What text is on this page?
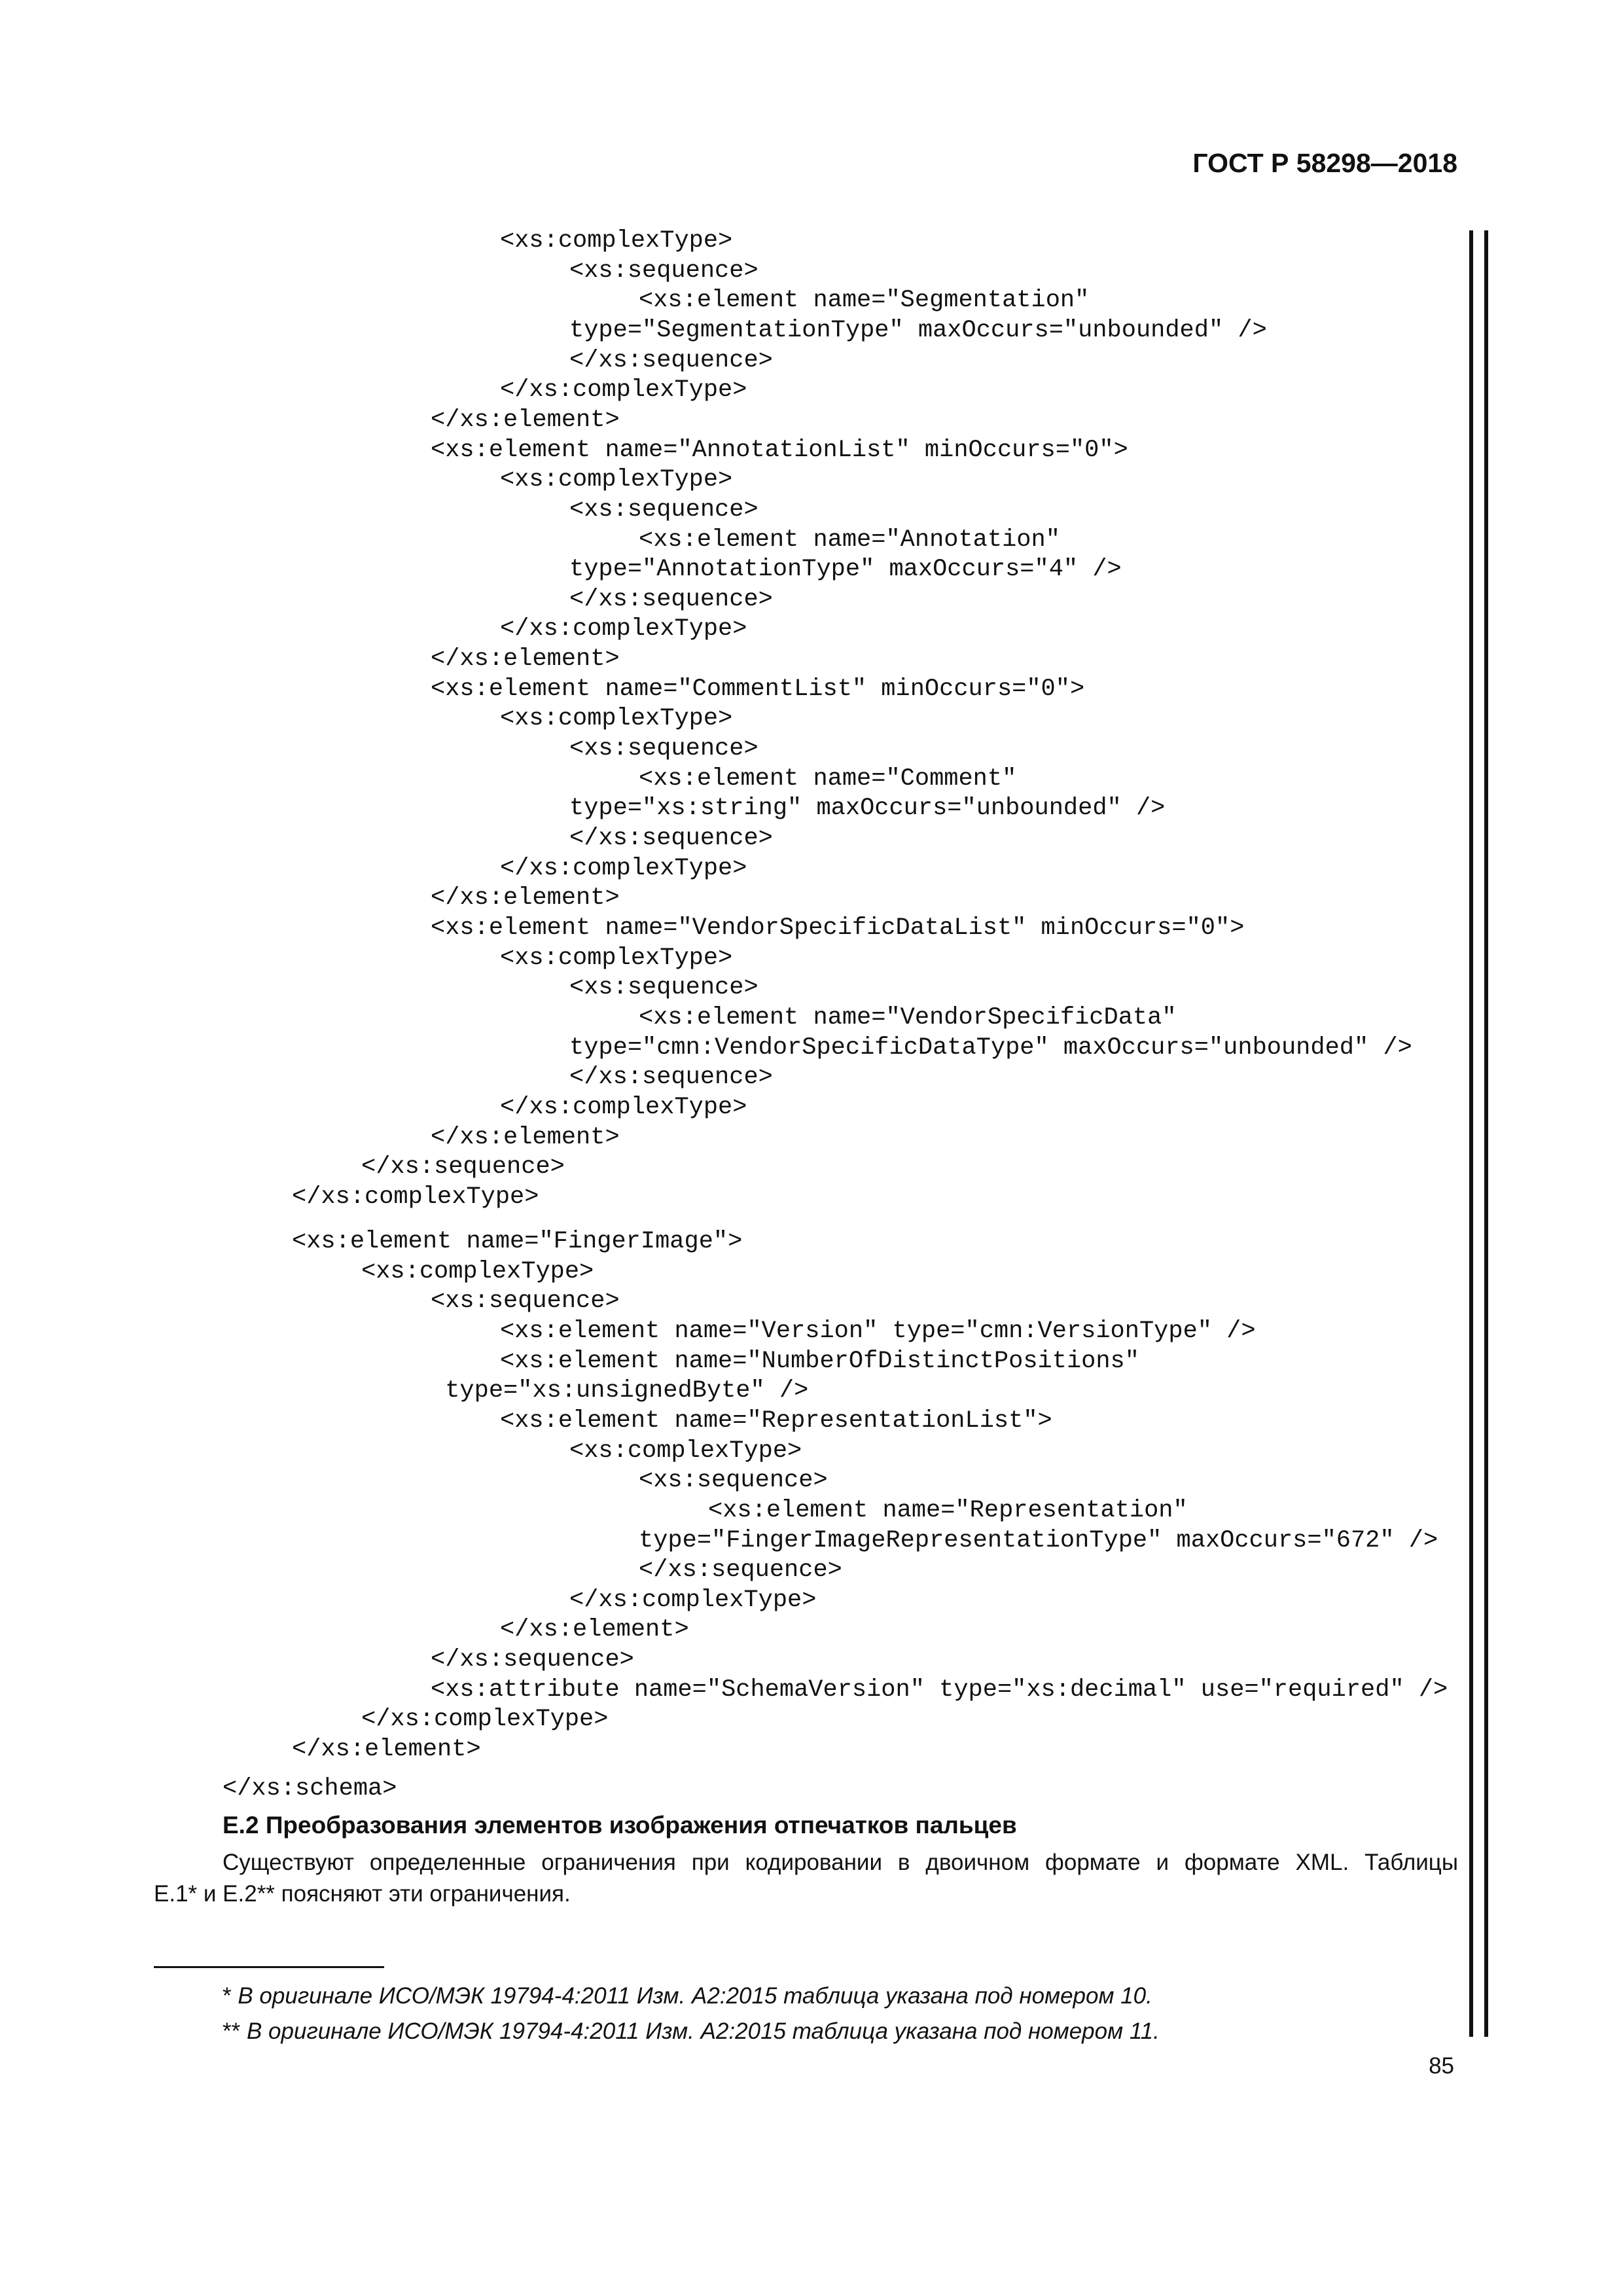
ГОСТ Р 58298—2018
<xs:complexType>
<xs:sequence>
<xs:element name="Segmentation"
type="SegmentationType" maxOccurs="unbounded" />
</xs:sequence>
</xs:complexType>
</xs:element>
<xs:element name="AnnotationList" minOccurs="0">
<xs:complexType>
<xs:sequence>
<xs:element name="Annotation"
type="AnnotationType" maxOccurs="4" />
</xs:sequence>
</xs:complexType>
</xs:element>
<xs:element name="CommentList" minOccurs="0">
<xs:complexType>
<xs:sequence>
<xs:element name="Comment"
type="xs:string" maxOccurs="unbounded" />
</xs:sequence>
</xs:complexType>
</xs:element>
<xs:element name="VendorSpecificDataList" minOccurs="0">
<xs:complexType>
<xs:sequence>
<xs:element name="VendorSpecificData"
type="cmn:VendorSpecificDataType" maxOccurs="unbounded" />
</xs:sequence>
</xs:complexType>
</xs:element>
</xs:sequence>
</xs:complexType>
<xs:element name="FingerImage">
<xs:complexType>
<xs:sequence>
<xs:element name="Version" type="cmn:VersionType" />
<xs:element name="NumberOfDistinctPositions"
type="xs:unsignedByte" />
<xs:element name="RepresentationList">
<xs:complexType>
<xs:sequence>
<xs:element name="Representation"
type="FingerImageRepresentationType" maxOccurs="672" />
</xs:sequence>
</xs:complexType>
</xs:element>
</xs:sequence>
<xs:attribute name="SchemaVersion" type="xs:decimal" use="required" />
</xs:complexType>
</xs:element>
</xs:schema>
Е.2 Преобразования элементов изображения отпечатков пальцев
Существуют определенные ограничения при кодировании в двоичном формате и формате XML. Таблицы
Е.1* и Е.2** поясняют эти ограничения.
* В оригинале ИСО/МЭК 19794-4:2011 Изм. А2:2015 таблица указана под номером 10.
** В оригинале ИСО/МЭК 19794-4:2011 Изм. А2:2015 таблица указана под номером 11.
85
